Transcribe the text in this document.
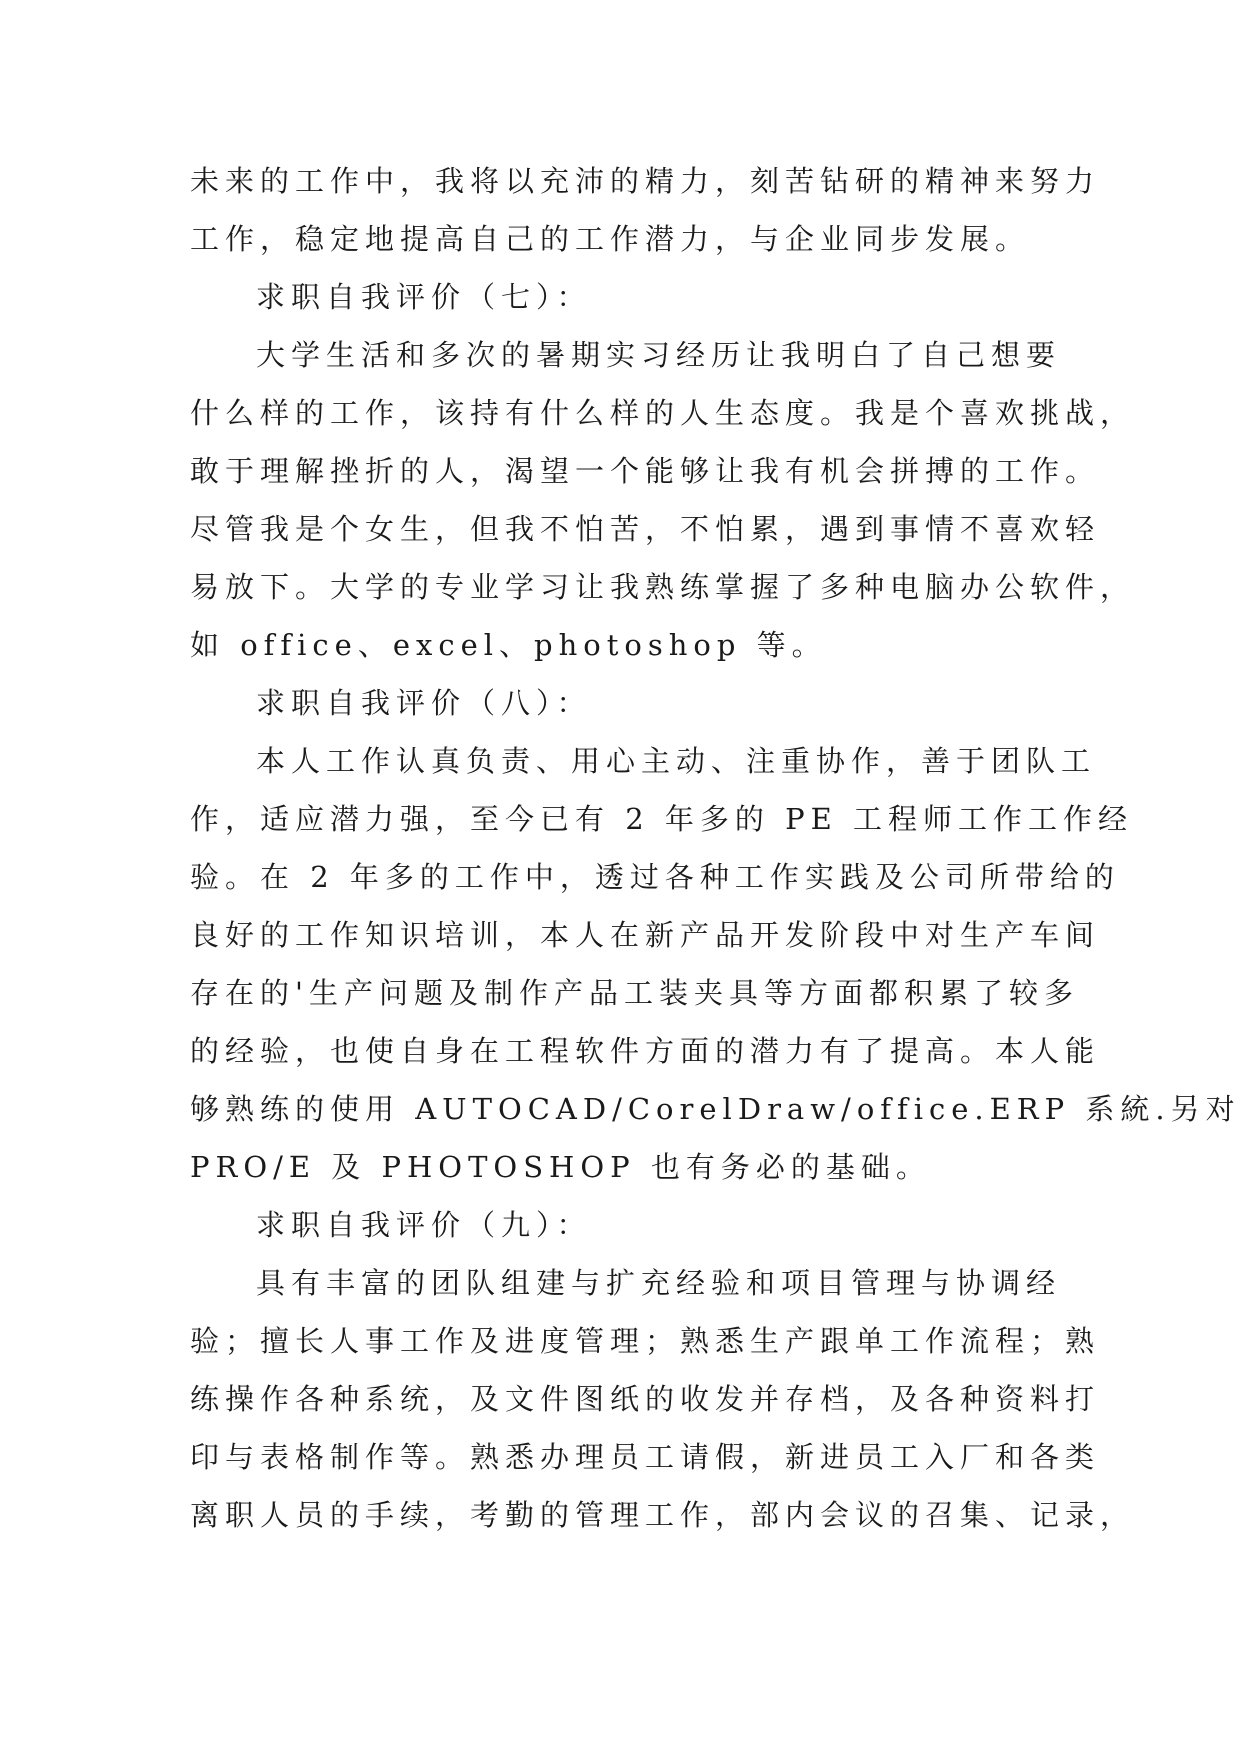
未来的工作中，我将以充沛的精力，刻苦钻研的精神来努力
工作，稳定地提高自己的工作潜力，与企业同步发展。
求职自我评价（七）：
大学生活和多次的暑期实习经历让我明白了自己想要
什么样的工作，该持有什么样的人生态度。我是个喜欢挑战，
敢于理解挫折的人，渴望一个能够让我有机会拼搏的工作。
尽管我是个女生，但我不怕苦，不怕累，遇到事情不喜欢轻
易放下。大学的专业学习让我熟练掌握了多种电脑办公软件，
如 office、excel、photoshop 等。
求职自我评价（八）：
本人工作认真负责、用心主动、注重协作，善于团队工
作，适应潜力强，至今已有 2 年多的 PE 工程师工作工作经
验。在 2 年多的工作中，透过各种工作实践及公司所带给的
良好的工作知识培训，本人在新产品开发阶段中对生产车间
存在的'生产问题及制作产品工装夹具等方面都积累了较多
的经验，也使自身在工程软件方面的潜力有了提高。本人能
够熟练的使用 AUTOCAD/CorelDraw/office.ERP 系統.另对
PRO/E 及 PHOTOSHOP 也有务必的基础。
求职自我评价（九）：
具有丰富的团队组建与扩充经验和项目管理与协调经
验；擅长人事工作及进度管理；熟悉生产跟单工作流程；熟
练操作各种系统，及文件图纸的收发并存档，及各种资料打
印与表格制作等。熟悉办理员工请假，新进员工入厂和各类
离职人员的手续，考勤的管理工作，部内会议的召集、记录，
